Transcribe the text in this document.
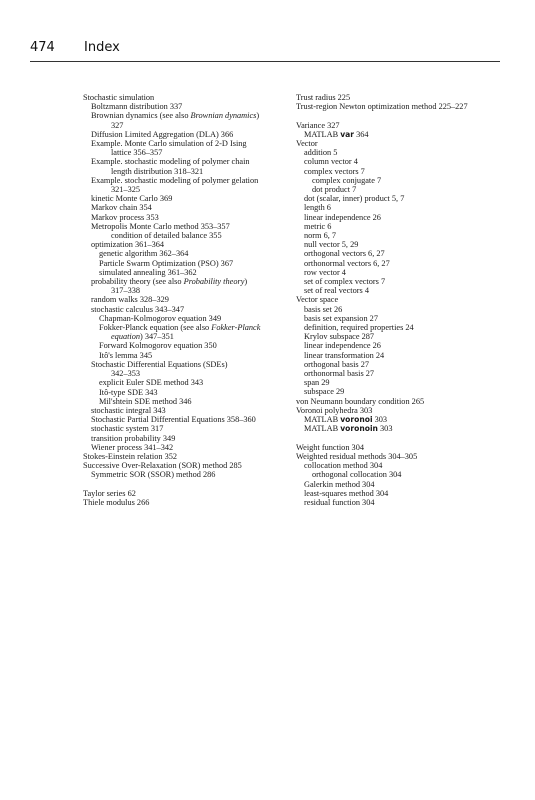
474 Index
Stochastic simulation
Boltzmann distribution 337
Brownian dynamics (see also Brownian dynamics)
327
Diffusion Limited Aggregation (DLA) 366
Example. Monte Carlo simulation of 2-D Ising
lattice 356–357
Example. stochastic modeling of polymer chain
length distribution 318–321
Example. stochastic modeling of polymer gelation
321–325
kinetic Monte Carlo 369
Markov chain 354
Markov process 353
Metropolis Monte Carlo method 353–357
condition of detailed balance 355
optimization 361–364
genetic algorithm 362–364
Particle Swarm Optimization (PSO) 367
simulated annealing 361–362
probability theory (see also Probability theory)
317–338
random walks 328–329
stochastic calculus 343–347
Chapman-Kolmogorov equation 349
Fokker-Planck equation (see also Fokker-Planck
equation) 347–351
Forward Kolmogorov equation 350
Itô's lemma 345
Stochastic Differential Equations (SDEs)
342–353
explicit Euler SDE method 343
Itô-type SDE 343
Mil'shtein SDE method 346
stochastic integral 343
Stochastic Partial Differential Equations 358–360
stochastic system 317
transition probability 349
Wiener process 341–342
Stokes-Einstein relation 352
Successive Over-Relaxation (SOR) method 285
Symmetric SOR (SSOR) method 286
Taylor series 62
Thiele modulus 266
Trust radius 225
Trust-region Newton optimization method 225–227
Variance 327
MATLAB var 364
Vector
addition 5
column vector 4
complex vectors 7
complex conjugate 7
dot product 7
dot (scalar, inner) product 5, 7
length 6
linear independence 26
metric 6
norm 6, 7
null vector 5, 29
orthogonal vectors 6, 27
orthonormal vectors 6, 27
row vector 4
set of complex vectors 7
set of real vectors 4
Vector space
basis set 26
basis set expansion 27
definition, required properties 24
Krylov subspace 287
linear independence 26
linear transformation 24
orthogonal basis 27
orthonormal basis 27
span 29
subspace 29
von Neumann boundary condition 265
Voronoi polyhedra 303
MATLAB voronoi 303
MATLAB voronoin 303
Weight function 304
Weighted residual methods 304–305
collocation method 304
orthogonal collocation 304
Galerkin method 304
least-squares method 304
residual function 304
